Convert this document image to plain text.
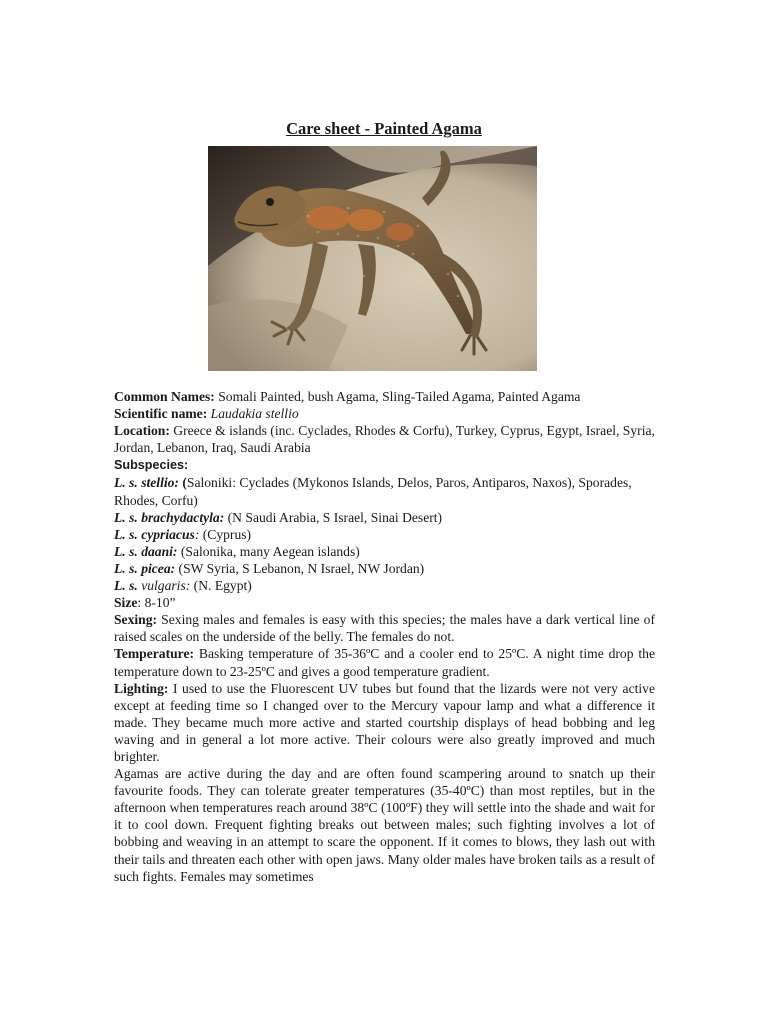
Care sheet - Painted Agama

Common Names: Somali Painted, bush Agama, Sling-Tailed Agama, Painted Agama

Scientific name: Laudakia stellio

Location: Greece & islands (inc. Cyclades, Rhodes & Corfu), Turkey, Cyprus, Egypt, Israel, Syria, Jordan, Lebanon, Iraq, Saudi Arabia

Subspecies:

L. s. stellio: (Saloniki: Cyclades (Mykonos Islands, Delos, Paros, Antiparos, Naxos), Sporades, Rhodes, Corfu)

L. s. brachydactyla: (N Saudi Arabia, S Israel, Sinai Desert)

L. s. cypriacus: (Cyprus)

L. s. daani: (Salonika, many Aegean islands)

L. s. picea: (SW Syria, S Lebanon, N Israel, NW Jordan)

L. s. vulgaris: (N. Egypt)

Size: 8-10”

Sexing: Sexing males and females is easy with this species; the males have a dark vertical line of raised scales on the underside of the belly. The females do not.

Temperature: Basking temperature of 35-36ºC and a cooler end to 25ºC. A night time drop the temperature down to 23-25ºC and gives a good temperature gradient.

Lighting: I used to use the Fluorescent UV tubes but found that the lizards were not very active except at feeding time so I changed over to the Mercury vapour lamp and what a difference it made. They became much more active and started courtship displays of head bobbing and leg waving and in general a lot more active. Their colours were also greatly improved and much brighter.

Agamas are active during the day and are often found scampering around to snatch up their favourite foods. They can tolerate greater temperatures (35-40ºC) than most reptiles, but in the afternoon when temperatures reach around 38ºC (100ºF) they will settle into the shade and wait for it to cool down. Frequent fighting breaks out between males; such fighting involves a lot of bobbing and weaving in an attempt to scare the opponent. If it comes to blows, they lash out with their tails and threaten each other with open jaws. Many older males have broken tails as a result of such fights. Females may sometimes
